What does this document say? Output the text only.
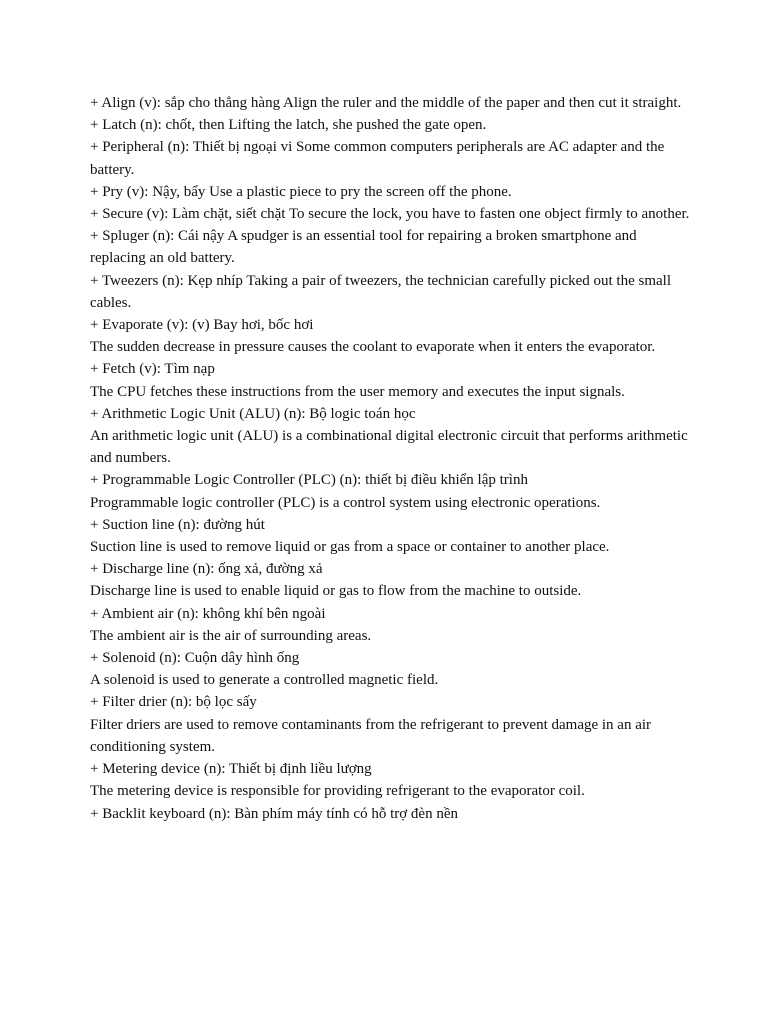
+ Align (v): sắp cho thẳng hàng Align the ruler and the middle of the paper and then cut it straight.

+ Latch (n): chốt, then Lifting the latch, she pushed the gate open.

+ Peripheral (n): Thiết bị ngoại vi Some common computers peripherals are AC adapter and the battery.

+ Pry (v): Nậy, bẩy Use a plastic piece to pry the screen off the phone.

+ Secure (v): Làm chặt, siết chặt To secure the lock, you have to fasten one object firmly to another.

+ Spluger (n): Cái nậy A spudger is an essential tool for repairing a broken smartphone and replacing an old battery.

+ Tweezers (n): Kẹp nhíp Taking a pair of tweezers, the technician carefully picked out the small cables.

+ Evaporate (v): (v) Bay hơi, bốc hơi

The sudden decrease in pressure causes the coolant to evaporate when it enters the evaporator.

+ Fetch (v): Tìm nạp

The CPU fetches these instructions from the user memory and executes the input signals.

+ Arithmetic Logic Unit (ALU) (n): Bộ logic toán học

An arithmetic logic unit (ALU) is a combinational digital electronic circuit that performs arithmetic and numbers.

+ Programmable Logic Controller (PLC) (n): thiết bị điều khiển lập trình

Programmable logic controller (PLC) is a control system using electronic operations.

+ Suction line (n): đường hút

Suction line is used to remove liquid or gas from a space or container to another place.

+ Discharge line (n): ống xả, đường xả

Discharge line is used to enable liquid or gas to flow from the machine to outside.

+ Ambient air (n): không khí bên ngoài

The ambient air is the air of surrounding areas.

+ Solenoid (n): Cuộn dây hình ống

A solenoid is used to generate a controlled magnetic field.

+ Filter drier (n): bộ lọc sấy

Filter driers are used to remove contaminants from the refrigerant to prevent damage in an air conditioning system.

+ Metering device (n): Thiết bị định liều lượng

The metering device is responsible for providing refrigerant to the evaporator coil.

+ Backlit keyboard (n): Bàn phím máy tính có hỗ trợ đèn nền
